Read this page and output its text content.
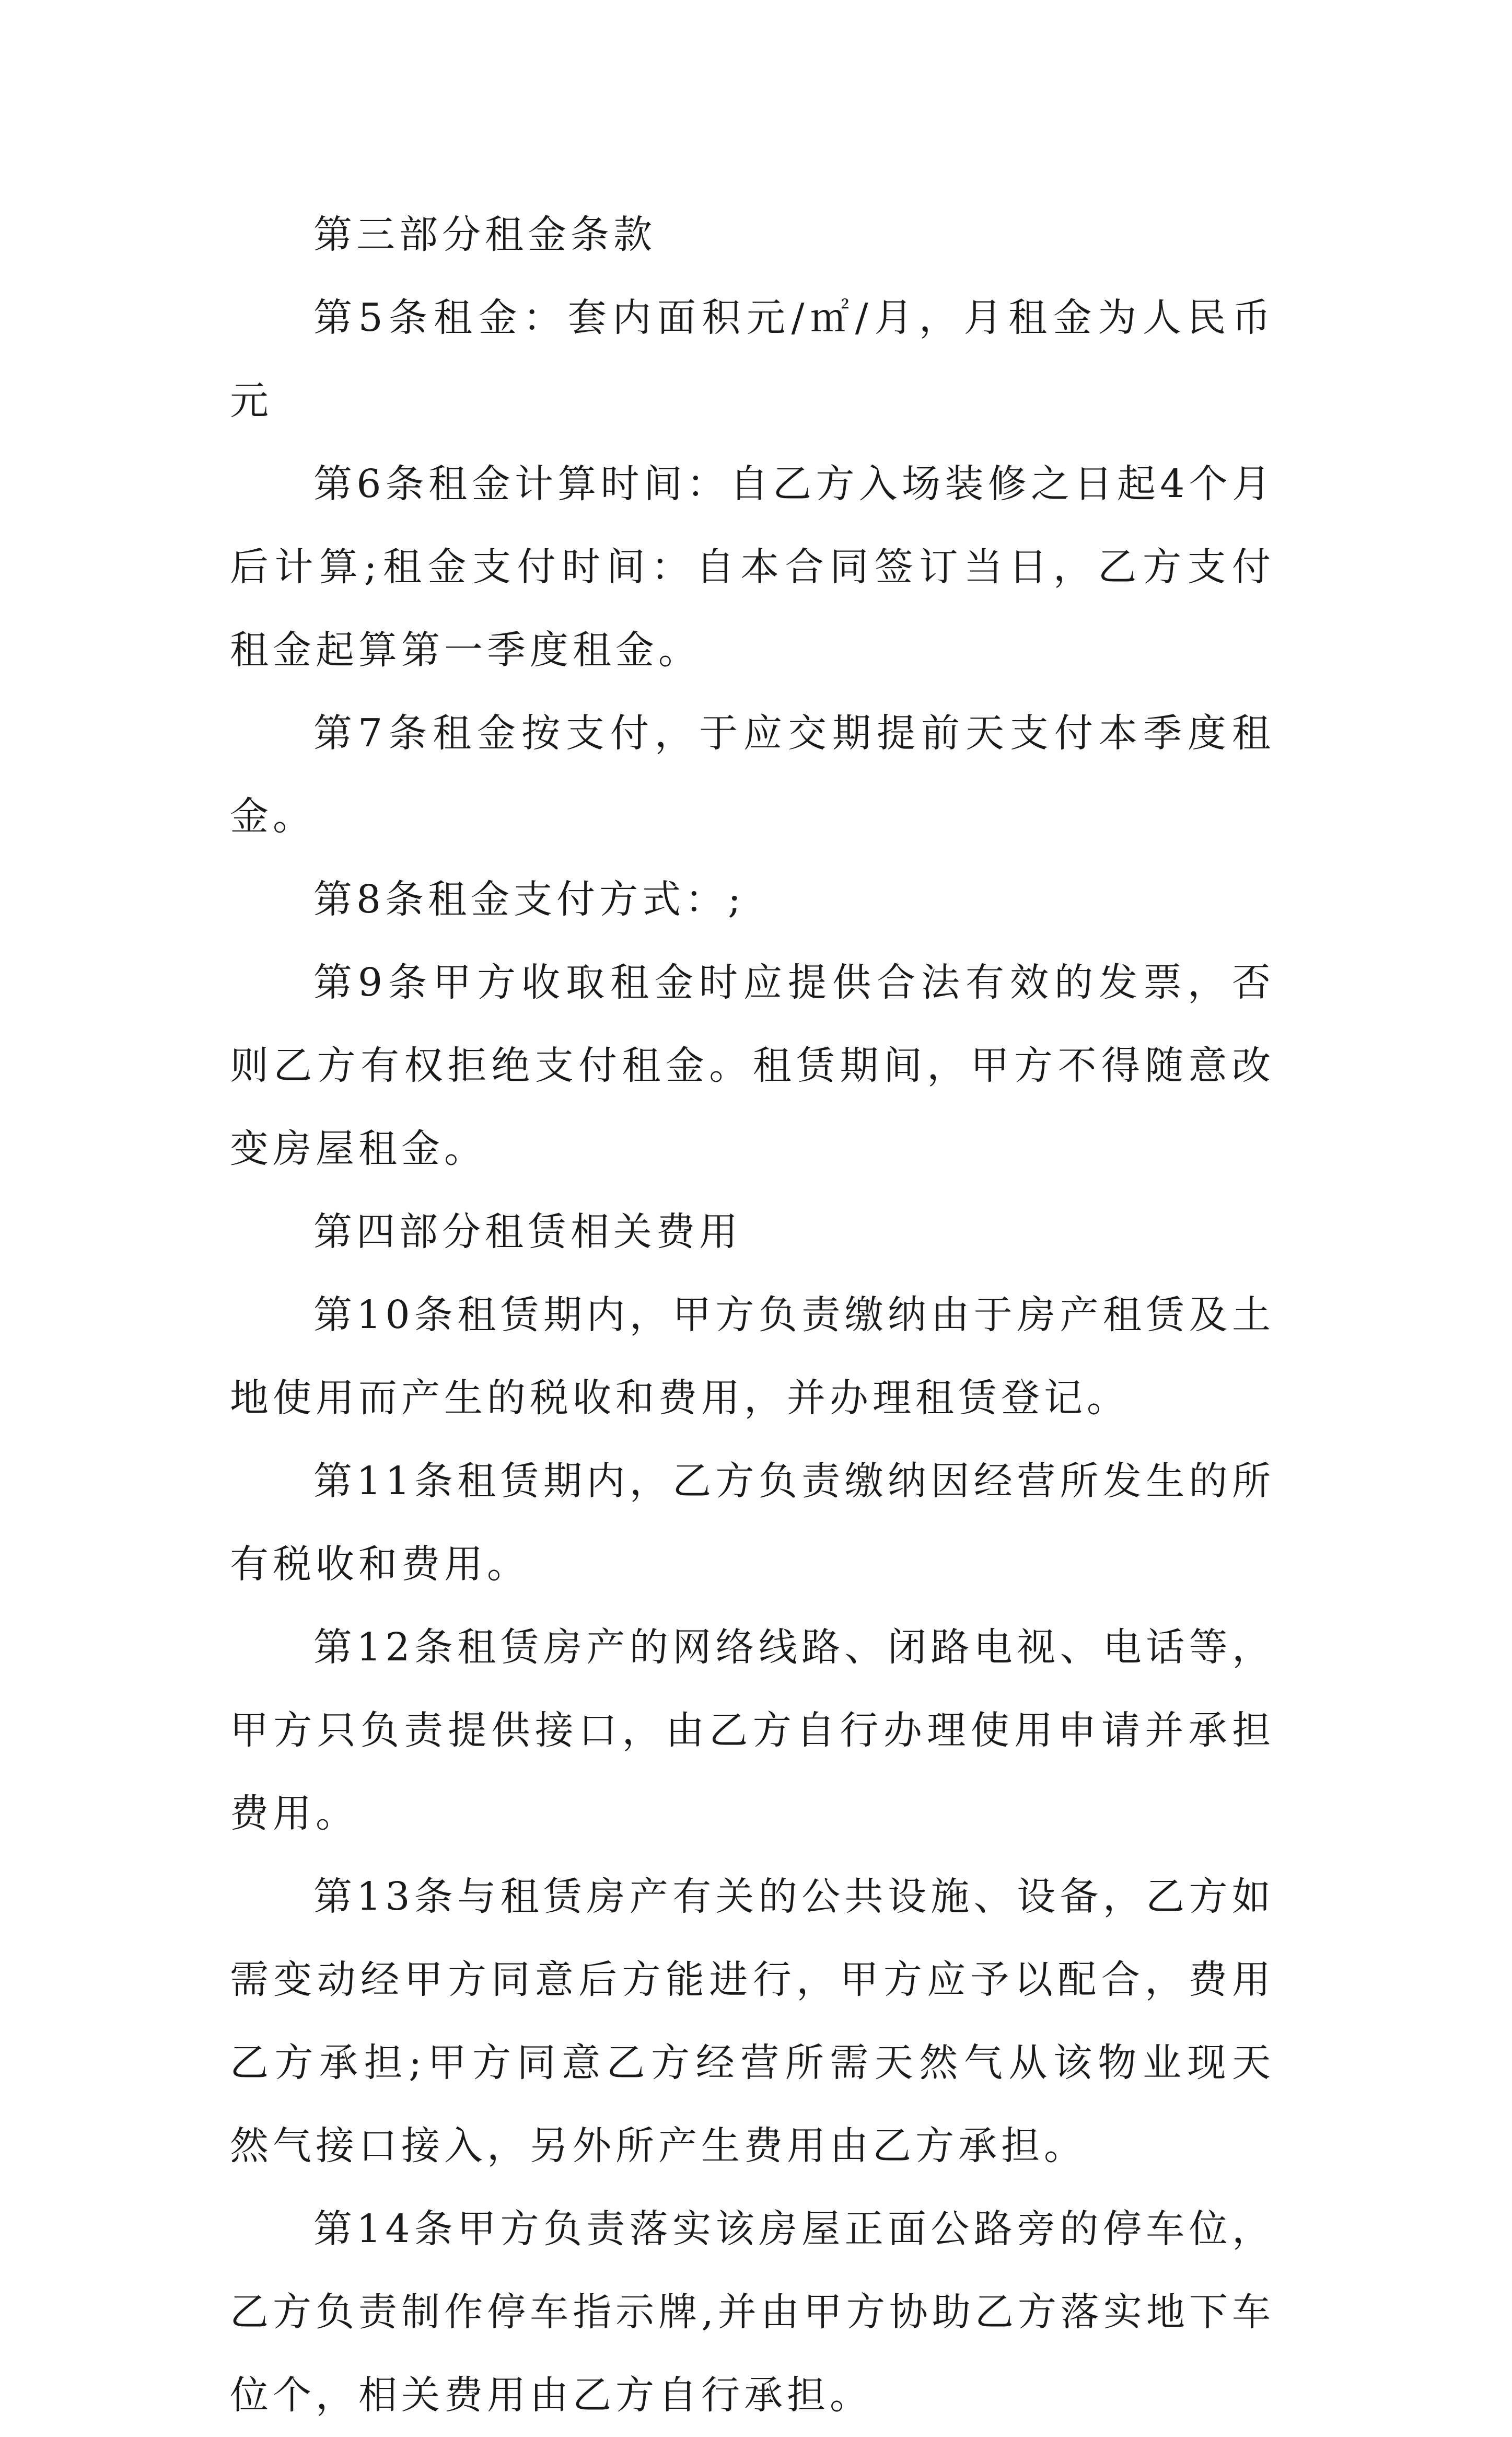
第三部分租金条款

第5条租金：套内面积元/㎡/月，月租金为人民币元

第6条租金计算时间：自乙方入场装修之日起4个月后计算;租金支付时间：自本合同签订当日，乙方支付租金起算第一季度租金。

第7条租金按支付，于应交期提前天支付本季度租金。

第8条租金支付方式：;

第9条甲方收取租金时应提供合法有效的发票，否则乙方有权拒绝支付租金。租赁期间，甲方不得随意改变房屋租金。

第四部分租赁相关费用

第10条租赁期内，甲方负责缴纳由于房产租赁及土地使用而产生的税收和费用，并办理租赁登记。

第11条租赁期内，乙方负责缴纳因经营所发生的所有税收和费用。

第12条租赁房产的网络线路、闭路电视、电话等，甲方只负责提供接口，由乙方自行办理使用申请并承担费用。

第13条与租赁房产有关的公共设施、设备，乙方如需变动经甲方同意后方能进行，甲方应予以配合，费用乙方承担;甲方同意乙方经营所需天然气从该物业现天然气接口接入，另外所产生费用由乙方承担。

第14条甲方负责落实该房屋正面公路旁的停车位，乙方负责制作停车指示牌,并由甲方协助乙方落实地下车位个，相关费用由乙方自行承担。
